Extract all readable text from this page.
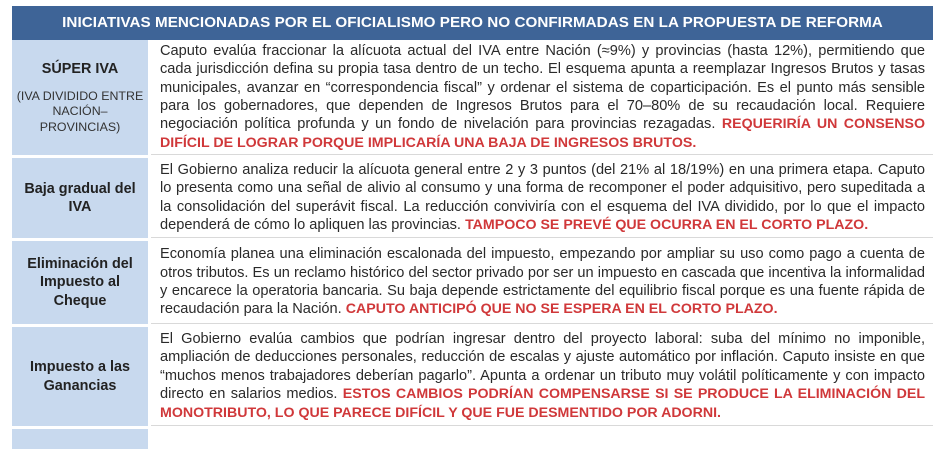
INICIATIVAS MENCIONADAS POR EL OFICIALISMO PERO NO CONFIRMADAS EN LA PROPUESTA DE REFORMA
SÚPER IVA
(IVA DIVIDIDO ENTRE NACIÓN–PROVINCIAS)

Caputo evalúa fraccionar la alícuota actual del IVA entre Nación (≈9%) y provincias (hasta 12%), permitiendo que cada jurisdicción defina su propia tasa dentro de un techo. El esquema apunta a reemplazar Ingresos Brutos y tasas municipales, avanzar en “correspondencia fiscal” y ordenar el sistema de coparticipación. Es el punto más sensible para los gobernadores, que dependen de Ingresos Brutos para el 70–80% de su recaudación local. Requiere negociación política profunda y un fondo de nivelación para provincias rezagadas. REQUERIRÍA UN CONSENSO DIFÍCIL DE LOGRAR PORQUE IMPLICARÍA UNA BAJA DE INGRESOS BRUTOS.

Baja gradual del IVA

El Gobierno analiza reducir la alícuota general entre 2 y 3 puntos (del 21% al 18/19%) en una primera etapa. Caputo lo presenta como una señal de alivio al consumo y una forma de recomponer el poder adquisitivo, pero supeditada a la consolidación del superávit fiscal. La reducción conviviría con el esquema del IVA dividido, por lo que el impacto dependerá de cómo lo apliquen las provincias. TAMPOCO SE PREVÉ QUE OCURRA EN EL CORTO PLAZO.

Eliminación del Impuesto al Cheque

Economía planea una eliminación escalonada del impuesto, empezando por ampliar su uso como pago a cuenta de otros tributos. Es un reclamo histórico del sector privado por ser un impuesto en cascada que incentiva la informalidad y encarece la operatoria bancaria. Su baja depende estrictamente del equilibrio fiscal porque es una fuente rápida de recaudación para la Nación. CAPUTO ANTICIPÓ QUE NO SE ESPERA EN EL CORTO PLAZO.

Impuesto a las Ganancias

El Gobierno evalúa cambios que podrían ingresar dentro del proyecto laboral: suba del mínimo no imponible, ampliación de deducciones personales, reducción de escalas y ajuste automático por inflación. Caputo insiste en que “muchos menos trabajadores deberían pagarlo”. Apunta a ordenar un tributo muy volátil políticamente y con impacto directo en salarios medios. ESTOS CAMBIOS PODRÍAN COMPENSARSE SI SE PRODUCE LA ELIMINACIÓN DEL MONOTRIBUTO, LO QUE PARECE DIFÍCIL Y QUE FUE DESMENTIDO POR ADORNI.
